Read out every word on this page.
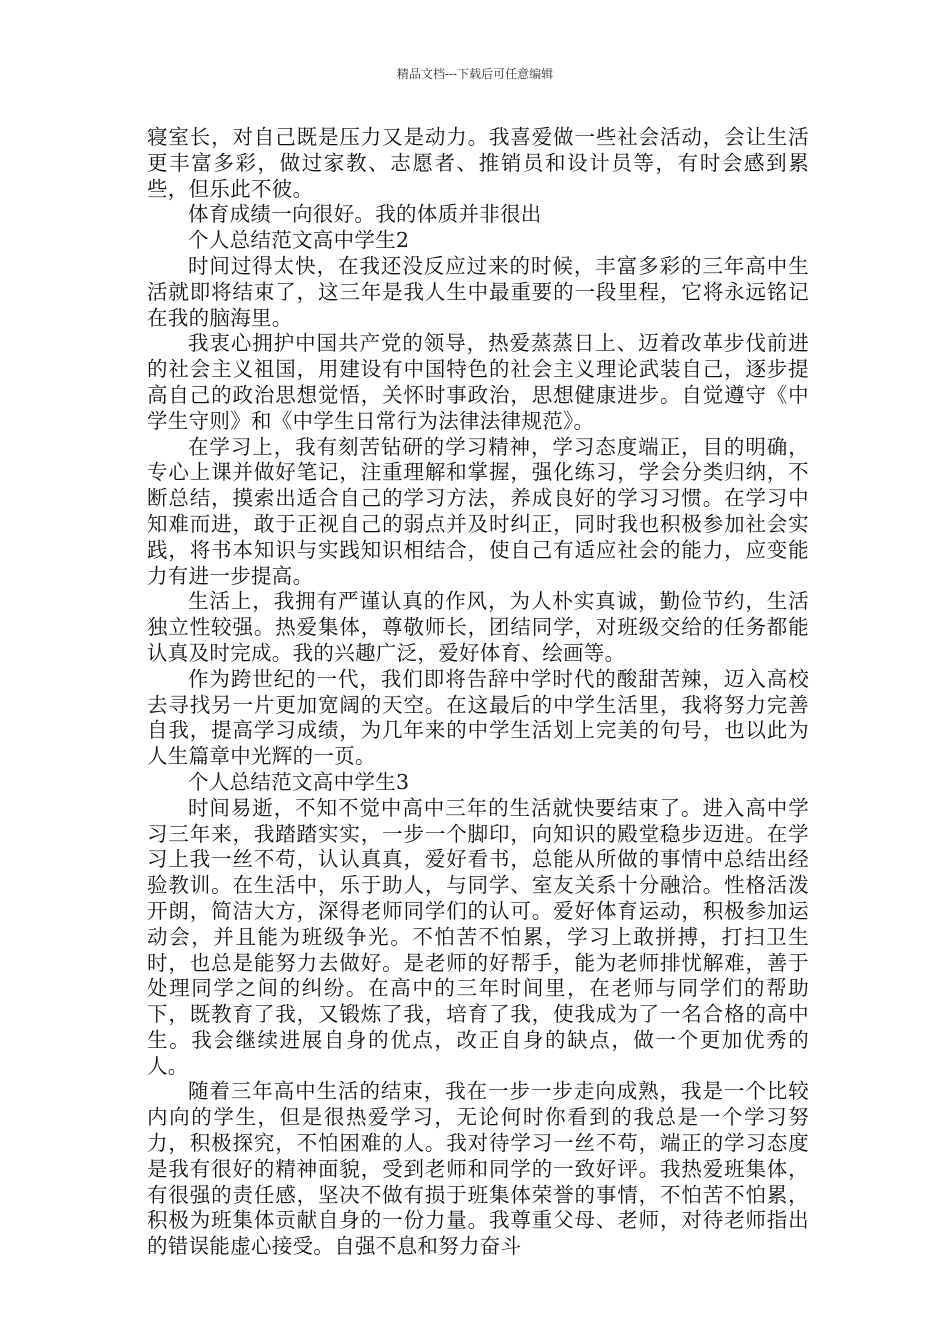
精品文档---下载后可任意编辑

寝室长，对自己既是压力又是动力。我喜爱做一些社会活动，会让生活更丰富多彩，做过家教、志愿者、推销员和设计员等，有时会感到累些，但乐此不彼。

体育成绩一向很好。我的体质并非很出

个人总结范文高中学生2

时间过得太快，在我还没反应过来的时候，丰富多彩的三年高中生活就即将结束了，这三年是我人生中最重要的一段里程，它将永远铭记在我的脑海里。

我衷心拥护中国共产党的领导，热爱蒸蒸日上、迈着改革步伐前进的社会主义祖国，用建设有中国特色的社会主义理论武装自己，逐步提高自己的政治思想觉悟，关怀时事政治，思想健康进步。自觉遵守《中学生守则》和《中学生日常行为法律法律规范》。

在学习上，我有刻苦钻研的学习精神，学习态度端正，目的明确，专心上课并做好笔记，注重理解和掌握，强化练习，学会分类归纳，不断总结，摸索出适合自己的学习方法，养成良好的学习习惯。在学习中知难而进，敢于正视自己的弱点并及时纠正，同时我也积极参加社会实践，将书本知识与实践知识相结合，使自己有适应社会的能力，应变能力有进一步提高。

生活上，我拥有严谨认真的作风，为人朴实真诚，勤俭节约，生活独立性较强。热爱集体，尊敬师长，团结同学，对班级交给的任务都能认真及时完成。我的兴趣广泛，爱好体育、绘画等。

作为跨世纪的一代，我们即将告辞中学时代的酸甜苦辣，迈入高校去寻找另一片更加宽阔的天空。在这最后的中学生活里，我将努力完善自我，提高学习成绩，为几年来的中学生活划上完美的句号，也以此为人生篇章中光辉的一页。

个人总结范文高中学生3

时间易逝，不知不觉中高中三年的生活就快要结束了。进入高中学习三年来，我踏踏实实，一步一个脚印，向知识的殿堂稳步迈进。在学习上我一丝不苟，认认真真，爱好看书，总能从所做的事情中总结出经验教训。在生活中，乐于助人，与同学、室友关系十分融洽。性格活泼开朗，简洁大方，深得老师同学们的认可。爱好体育运动，积极参加运动会，并且能为班级争光。不怕苦不怕累，学习上敢拼搏，打扫卫生时，也总是能努力去做好。是老师的好帮手，能为老师排忧解难，善于处理同学之间的纠纷。在高中的三年时间里，在老师与同学们的帮助下，既教育了我，又锻炼了我，培育了我，使我成为了一名合格的高中生。我会继续进展自身的优点，改正自身的缺点，做一个更加优秀的人。

随着三年高中生活的结束，我在一步一步走向成熟，我是一个比较内向的学生，但是很热爱学习，无论何时你看到的我总是一个学习努力，积极探究，不怕困难的人。我对待学习一丝不苟，端正的学习态度是我有很好的精神面貌，受到老师和同学的一致好评。我热爱班集体，有很强的责任感，坚决不做有损于班集体荣誉的事情，不怕苦不怕累，积极为班集体贡献自身的一份力量。我尊重父母、老师，对待老师指出的错误能虚心接受。自强不息和努力奋斗
